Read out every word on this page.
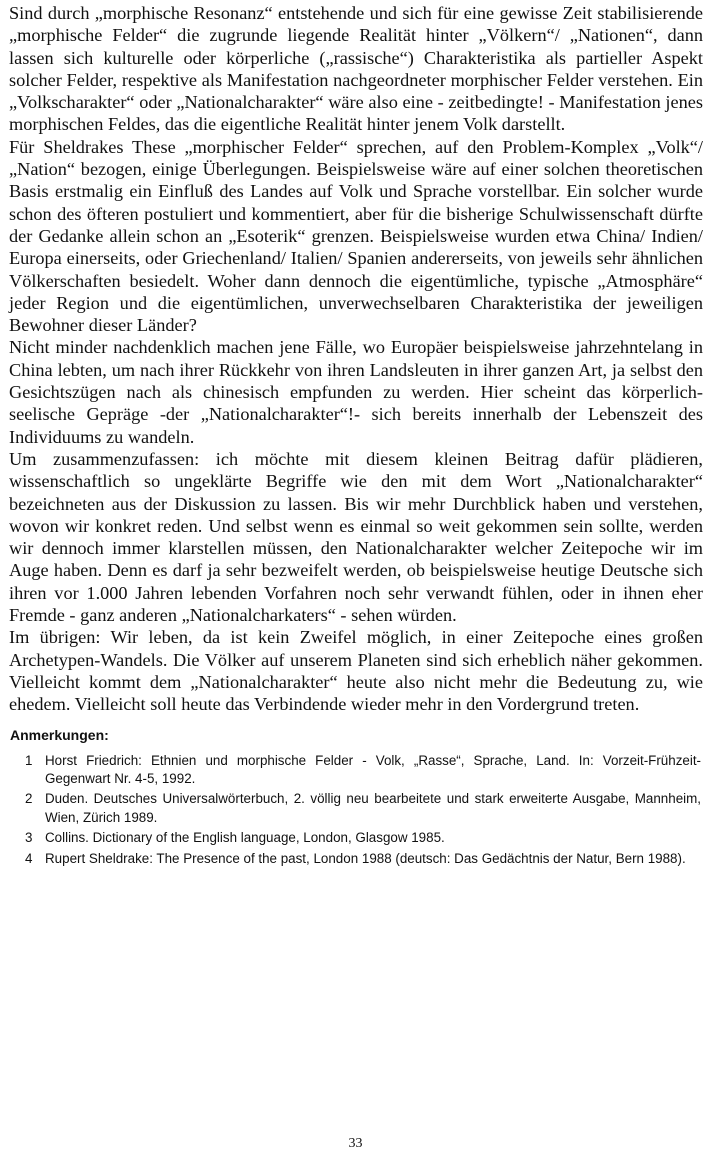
Sind durch „morphische Resonanz“ entstehende und sich für eine gewisse Zeit stabilisierende „morphische Felder“ die zugrunde liegende Realität hinter „Völkern“/ „Nationen“, dann lassen sich kulturelle oder körperliche („rassische“) Charakteristika als partieller Aspekt solcher Felder, respektive als Manifestation nachgeordneter morphischer Felder verstehen. Ein „Volkscharakter“ oder „Nationalcharakter“ wäre also eine - zeitbedingte! - Manifestation jenes morphischen Feldes, das die eigentliche Realität hinter jenem Volk darstellt.

Für Sheldrakes These „morphischer Felder“ sprechen, auf den Problem-Komplex „Volk“/ „Nation“ bezogen, einige Überlegungen. Beispielsweise wäre auf einer solchen theoretischen Basis erstmalig ein Einfluß des Landes auf Volk und Sprache vorstellbar. Ein solcher wurde schon des öfteren postuliert und kommentiert, aber für die bisherige Schulwissenschaft dürfte der Gedanke allein schon an „Esoterik“ grenzen. Beispielsweise wurden etwa China/ Indien/ Europa einerseits, oder Griechenland/ Italien/ Spanien andererseits, von jeweils sehr ähnlichen Völkerschaften besiedelt. Woher dann dennoch die eigentümliche, typische „Atmosphäre“ jeder Region und die eigentümlichen, unverwechselbaren Charakteristika der jeweiligen Bewohner dieser Länder?

Nicht minder nachdenklich machen jene Fälle, wo Europäer beispielsweise jahrzehntelang in China lebten, um nach ihrer Rückkehr von ihren Landsleuten in ihrer ganzen Art, ja selbst den Gesichtszügen nach als chinesisch empfunden zu werden. Hier scheint das körperlich-seelische Gepräge -der „Nationalcharakter“!- sich bereits innerhalb der Lebenszeit des Individuums zu wandeln.

Um zusammenzufassen: ich möchte mit diesem kleinen Beitrag dafür plädieren, wissenschaftlich so ungeklärte Begriffe wie den mit dem Wort „Nationalcharakter“ bezeichneten aus der Diskussion zu lassen. Bis wir mehr Durchblick haben und verstehen, wovon wir konkret reden. Und selbst wenn es einmal so weit gekommen sein sollte, werden wir dennoch immer klarstellen müssen, den Nationalcharakter welcher Zeitepoche wir im Auge haben. Denn es darf ja sehr bezweifelt werden, ob beispielsweise heutige Deutsche sich ihren vor 1.000 Jahren lebenden Vorfahren noch sehr verwandt fühlen, oder in ihnen eher Fremde - ganz anderen „Nationalcharkaters“ - sehen würden.

Im übrigen: Wir leben, da ist kein Zweifel möglich, in einer Zeitepoche eines großen Archetypen-Wandels. Die Völker auf unserem Planeten sind sich erheblich näher gekommen. Vielleicht kommt dem „Nationalcharakter“ heute also nicht mehr die Bedeutung zu, wie ehedem. Vielleicht soll heute das Verbindende wieder mehr in den Vordergrund treten.

Anmerkungen:
1 Horst Friedrich: Ethnien und morphische Felder - Volk, „Rasse“, Sprache, Land. In: Vorzeit-Frühzeit-Gegenwart Nr. 4-5, 1992.
2 Duden. Deutsches Universalwörterbuch, 2. völlig neu bearbeitete und stark erweiterte Ausgabe, Mannheim, Wien, Zürich 1989.
3 Collins. Dictionary of the English language, London, Glasgow 1985.
4 Rupert Sheldrake: The Presence of the past, London 1988 (deutsch: Das Gedächtnis der Natur, Bern 1988).
33
